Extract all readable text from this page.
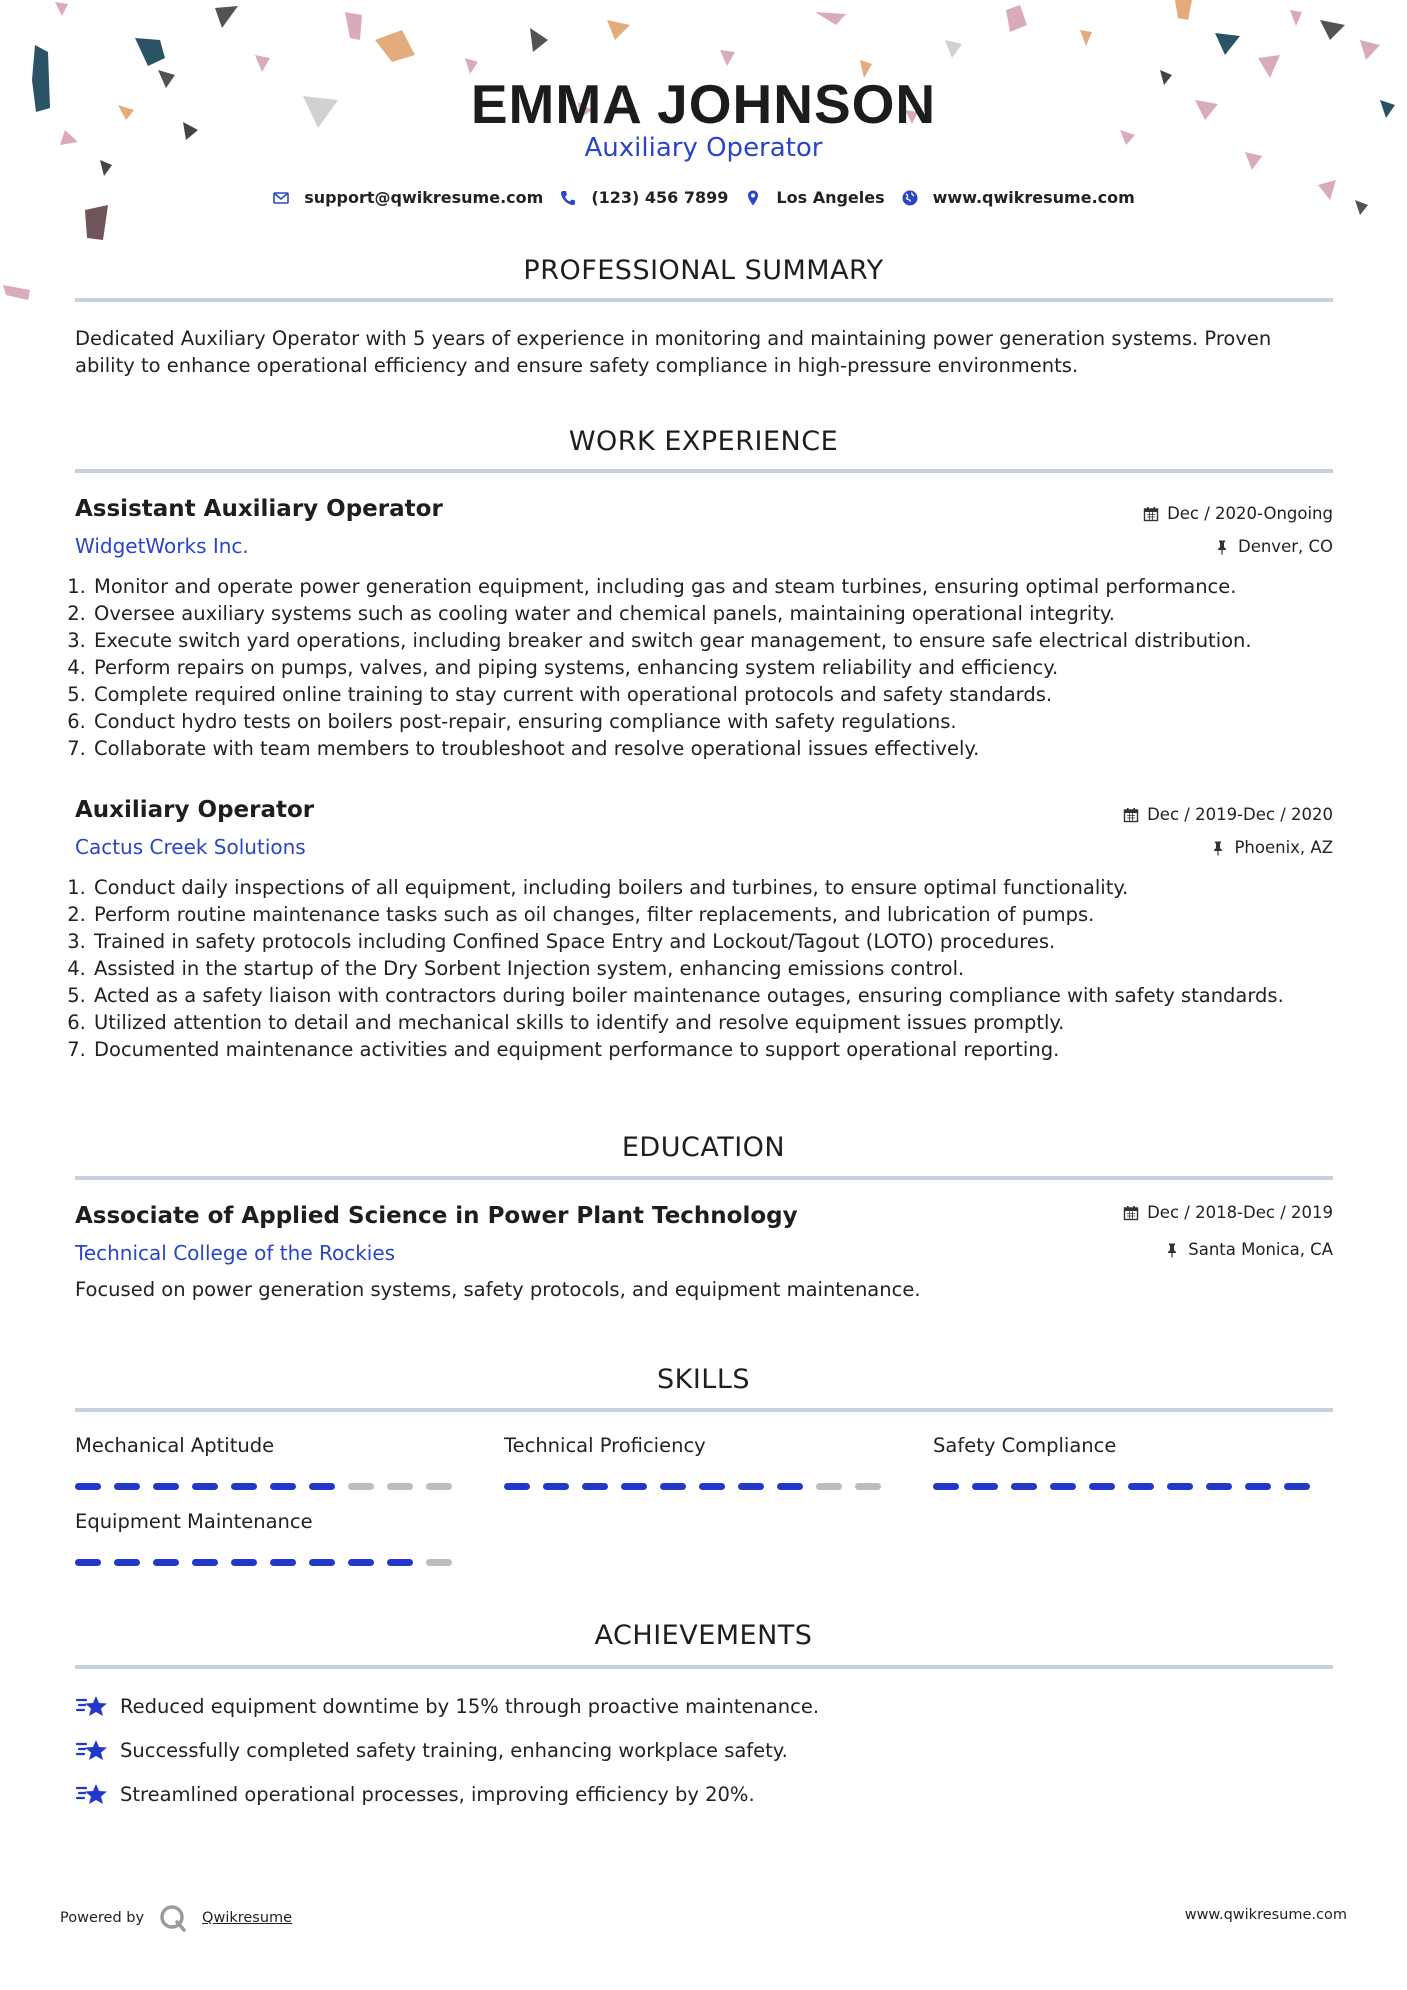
EMMA JOHNSON
Auxiliary Operator
support@qwikresume.com	(123) 456 7899	Los Angeles	www.qwikresume.com
PROFESSIONAL SUMMARY
Dedicated Auxiliary Operator with 5 years of experience in monitoring and maintaining power generation systems. Proven ability to enhance operational efficiency and ensure safety compliance in high-pressure environments.
WORK EXPERIENCE
Assistant Auxiliary Operator	Dec / 2020-Ongoing
WidgetWorks Inc.	Denver, CO
1. Monitor and operate power generation equipment, including gas and steam turbines, ensuring optimal performance.
2. Oversee auxiliary systems such as cooling water and chemical panels, maintaining operational integrity.
3. Execute switch yard operations, including breaker and switch gear management, to ensure safe electrical distribution.
4. Perform repairs on pumps, valves, and piping systems, enhancing system reliability and efficiency.
5. Complete required online training to stay current with operational protocols and safety standards.
6. Conduct hydro tests on boilers post-repair, ensuring compliance with safety regulations.
7. Collaborate with team members to troubleshoot and resolve operational issues effectively.
Auxiliary Operator	Dec / 2019-Dec / 2020
Cactus Creek Solutions	Phoenix, AZ
1. Conduct daily inspections of all equipment, including boilers and turbines, to ensure optimal functionality.
2. Perform routine maintenance tasks such as oil changes, filter replacements, and lubrication of pumps.
3. Trained in safety protocols including Confined Space Entry and Lockout/Tagout (LOTO) procedures.
4. Assisted in the startup of the Dry Sorbent Injection system, enhancing emissions control.
5. Acted as a safety liaison with contractors during boiler maintenance outages, ensuring compliance with safety standards.
6. Utilized attention to detail and mechanical skills to identify and resolve equipment issues promptly.
7. Documented maintenance activities and equipment performance to support operational reporting.
EDUCATION
Associate of Applied Science in Power Plant Technology	Dec / 2018-Dec / 2019
Technical College of the Rockies	Santa Monica, CA
Focused on power generation systems, safety protocols, and equipment maintenance.
SKILLS
Mechanical Aptitude	Technical Proficiency	Safety Compliance
Equipment Maintenance
ACHIEVEMENTS
Reduced equipment downtime by 15% through proactive maintenance.
Successfully completed safety training, enhancing workplace safety.
Streamlined operational processes, improving efficiency by 20%.
Powered by	Qwikresume	www.qwikresume.com
